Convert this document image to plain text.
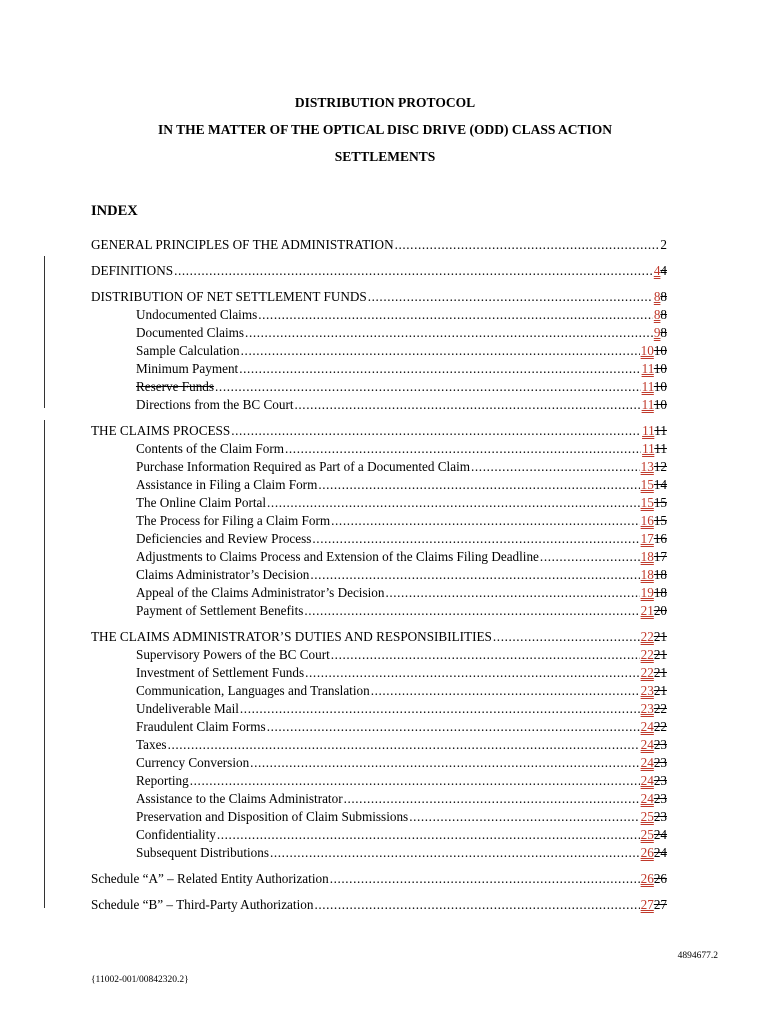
DISTRIBUTION PROTOCOL
IN THE MATTER OF THE OPTICAL DISC DRIVE (ODD) CLASS ACTION
SETTLEMENTS
INDEX
GENERAL PRINCIPLES OF THE ADMINISTRATION .....	2
DEFINITIONS .....	44
DISTRIBUTION OF NET SETTLEMENT FUNDS .....	88
Undocumented Claims .....	88
Documented Claims .....	98
Sample Calculation .....	1010
Minimum Payment .....	1110
Reserve Funds .....	1110
Directions from the BC Court .....	1110
THE CLAIMS PROCESS .....	1111
Contents of the Claim Form .....	1111
Purchase Information Required as Part of a Documented Claim .....	1312
Assistance in Filing a Claim Form .....	1514
The Online Claim Portal .....	1515
The Process for Filing a Claim Form .....	1615
Deficiencies and Review Process .....	1716
Adjustments to Claims Process and Extension of the Claims Filing Deadline .....	1817
Claims Administrator’s Decision .....	1818
Appeal of the Claims Administrator’s Decision .....	1918
Payment of Settlement Benefits .....	2120
THE CLAIMS ADMINISTRATOR’S DUTIES AND RESPONSIBILITIES .....	2221
Supervisory Powers of the BC Court .....	2221
Investment of Settlement Funds .....	2221
Communication, Languages and Translation .....	2321
Undeliverable Mail .....	2322
Fraudulent Claim Forms .....	2422
Taxes .....	2423
Currency Conversion .....	2423
Reporting .....	2423
Assistance to the Claims Administrator .....	2423
Preservation and Disposition of Claim Submissions .....	2523
Confidentiality .....	2524
Subsequent Distributions .....	2624
Schedule “A” – Related Entity Authorization .....	2626
Schedule “B” – Third-Party Authorization .....	2727
4894677.2
{11002-001/00842320.2}
